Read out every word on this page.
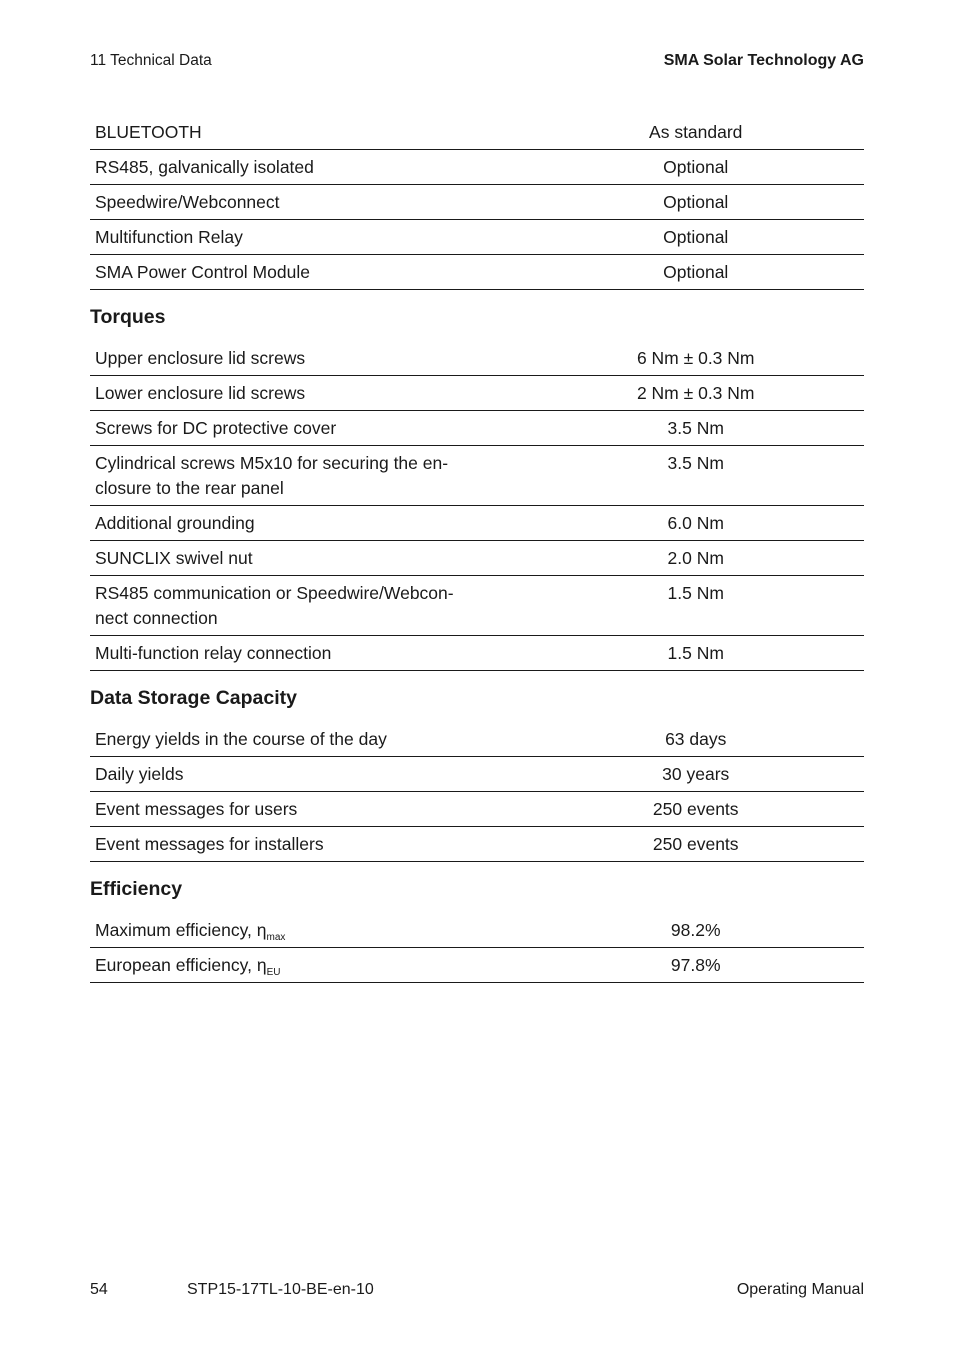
11 Technical Data	SMA Solar Technology AG
BLUETOOTH	As standard
RS485, galvanically isolated	Optional
Speedwire/Webconnect	Optional
Multifunction Relay	Optional
SMA Power Control Module	Optional
Torques
Upper enclosure lid screws	6 Nm ± 0.3 Nm
Lower enclosure lid screws	2 Nm ± 0.3 Nm
Screws for DC protective cover	3.5 Nm
Cylindrical screws M5x10 for securing the en-
closure to the rear panel	3.5 Nm
Additional grounding	6.0 Nm
SUNCLIX swivel nut	2.0 Nm
RS485 communication or Speedwire/Webcon-
nect connection	1.5 Nm
Multi-function relay connection	1.5 Nm
Data Storage Capacity
Energy yields in the course of the day	63 days
Daily yields	30 years
Event messages for users	250 events
Event messages for installers	250 events
Efficiency
Maximum efficiency, $\eta_{max}$	98.2%
European efficiency, $\eta_{EU}$	97.8%
54	STP15-17TL-10-BE-en-10	Operating Manual
